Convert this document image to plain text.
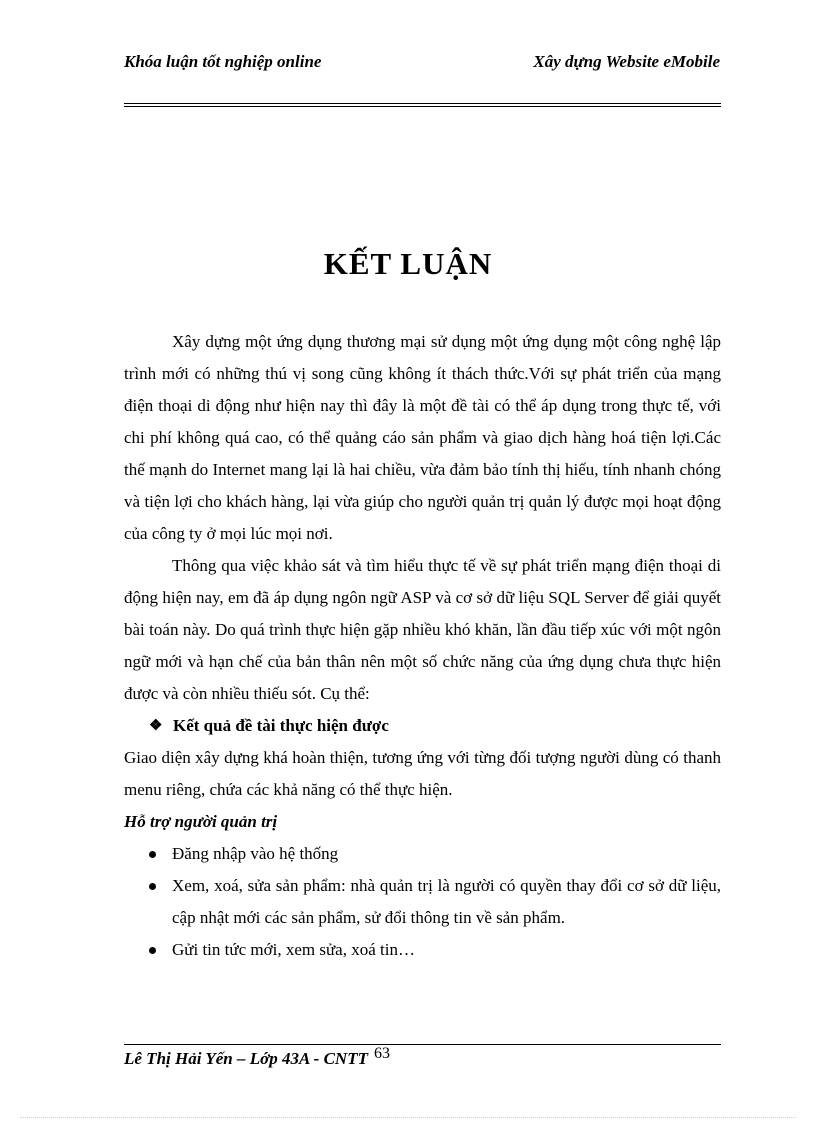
Khóa luận tốt nghiệp online	Xây dựng Website eMobile
KẾT LUẬN

Xây dựng một ứng dụng thương mại sử dụng một ứng dụng một công nghệ lập trình mới có những thú vị song cũng không ít thách thức.Với sự phát triển của mạng điện thoại di động như hiện nay thì đây là một đề tài có thể áp dụng trong thực tế, với chi phí không quá cao, có thể quảng cáo sản phẩm và giao dịch hàng hoá tiện lợi.Các thế mạnh do Internet mang lại là hai chiều, vừa đảm bảo tính thị hiếu, tính nhanh chóng và tiện lợi cho khách hàng, lại vừa giúp cho người quản trị quản lý được mọi hoạt động của công ty ở mọi lúc mọi nơi.

Thông qua việc khảo sát và tìm hiểu thực tế về sự phát triển mạng điện thoại di động hiện nay, em đã áp dụng ngôn ngữ ASP và cơ sở dữ liệu SQL Server để giải quyết bài toán này. Do quá trình thực hiện gặp nhiều khó khăn, lần đầu tiếp xúc với một ngôn ngữ mới và hạn chế của bản thân nên một số chức năng của ứng dụng chưa thực hiện được và còn nhiều thiếu sót. Cụ thể:

❖ Kết quả đề tài thực hiện được

Giao diện xây dựng khá hoàn thiện, tương ứng với từng đối tượng người dùng có thanh menu riêng, chứa các khả năng có thể thực hiện.

Hỗ trợ người quản trị

Đăng nhập vào hệ thống
Xem, xoá, sửa sản phẩm: nhà quản trị là người có quyền thay đổi cơ sở dữ liệu, cập nhật mới các sản phẩm, sử đổi thông tin về sản phẩm.
Gửi tin tức mới, xem sửa, xoá tin…
Lê Thị Hải Yến – Lớp 43A - CNTT 63
